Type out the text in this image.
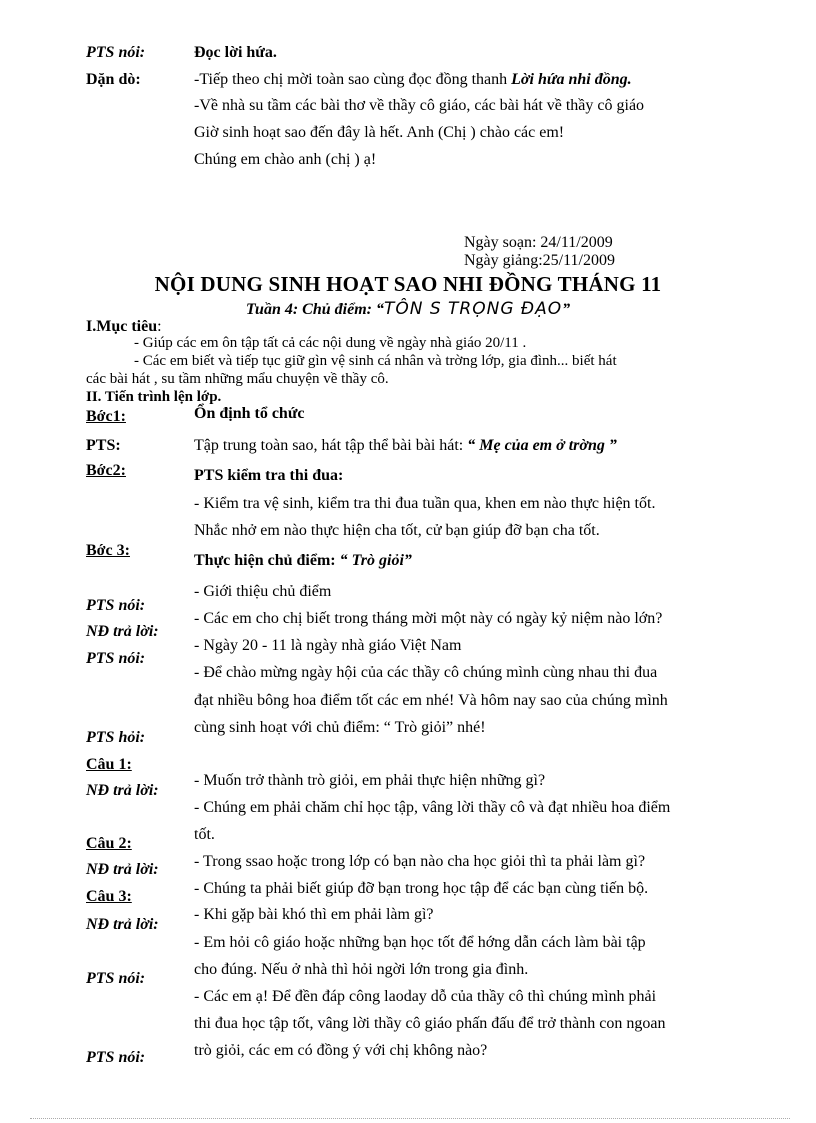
PTS nói:	Đọc lời hứa.
Dặn dò:	-Tiếp theo chị mời toàn sao cùng đọc đồng thanh Lời hứa nhi đồng.
-Về nhà su tầm các bài thơ về thầy cô giáo, các bài hát về thầy cô giáo
Giờ sinh hoạt sao đến đây là hết. Anh (Chị ) chào các em!
Chúng em chào anh (chị ) ạ!
Ngày soạn: 24/11/2009
Ngày giảng:25/11/2009
NỘI DUNG SINH HOẠT SAO NHI ĐỒNG THÁNG 11
Tuần 4: Chủ điểm: “TÔN S TRỌNG ĐẠO”
I.Mục tiêu:
- Giúp các em ôn tập tất cả các nội dung về ngày nhà giáo 20/11 .
- Các em biết và tiếp tục giữ gìn vệ sinh cá nhân và trờng lớp, gia đình... biết hát
các bài hát , su tầm những mẩu chuyện về thầy cô.
II. Tiến trình lện lớp.
Bớc1:	Ổn định tổ chức
PTS:	Tập trung toàn sao, hát tập thể bài bài hát: “ Mẹ của em ở trờng ”
Bớc2:	PTS kiểm tra thi đua:
- Kiểm tra vệ sinh, kiểm tra thi đua tuần qua, khen em nào thực hiện tốt.
Nhắc nhở em nào thực hiện cha tốt, cử bạn giúp đỡ bạn cha tốt.
Bớc 3:
Thực hiện chủ điểm: “ Trò giỏi”
- Giới thiệu chủ điểm
PTS nói:
- Các em cho chị biết trong tháng mời một này có ngày kỷ niệm nào lớn?
NĐ trả lời:
- Ngày 20 - 11 là ngày nhà giáo Việt Nam
PTS nói:
- Để chào mừng ngày hội của các thầy cô chúng mình cùng nhau thi đua
đạt nhiều bông hoa điểm tốt các em nhé! Và hôm nay sao của chúng mình
cùng sinh hoạt với chủ điểm: “ Trò giỏi” nhé!
PTS hỏi:
Câu 1:
- Muốn trở thành trò giỏi, em phải thực hiện những gì?
NĐ trả lời:
- Chúng em phải chăm chỉ học tập, vâng lời thầy cô và đạt nhiều hoa điểm
tốt.
Câu 2:
- Trong ssao hoặc trong lớp có bạn nào cha học giỏi thì ta phải làm gì?
NĐ trả lời:
- Chúng ta phải biết giúp đỡ bạn trong học tập để các bạn cùng tiến bộ.
Câu 3:
- Khi gặp bài khó thì em phải làm gì?
NĐ trả lời:
- Em hỏi cô giáo hoặc những bạn học tốt để hớng dẫn cách làm bài tập
cho đúng. Nếu ở nhà thì hỏi ngời lớn trong gia đình.
PTS nói:
- Các em ạ! Để đền đáp công laoday dỗ của thầy cô thì chúng mình phải
thi đua học tập tốt, vâng lời thầy cô giáo phấn đấu để trở thành con ngoan
trò giỏi, các em có đồng ý với chị không nào?
PTS nói:
